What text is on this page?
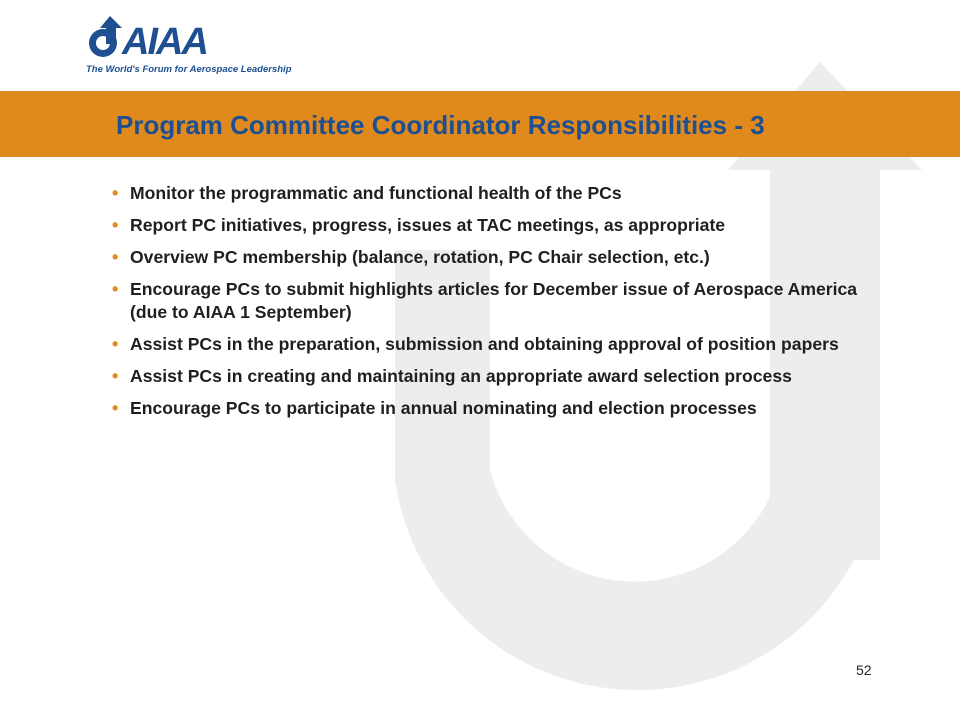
AIAA
The World's Forum for Aerospace Leadership
Program Committee Coordinator Responsibilities - 3
• Monitor the programmatic and functional health of the PCs
• Report PC initiatives, progress, issues at TAC meetings, as appropriate
• Overview PC membership (balance, rotation, PC Chair selection, etc.)
• Encourage PCs to submit highlights articles for December issue of Aerospace America (due to AIAA 1 September)
• Assist PCs in the preparation, submission and obtaining approval of position papers
• Assist PCs in creating and maintaining an appropriate award selection process
• Encourage PCs to participate in annual nominating and election processes
52
